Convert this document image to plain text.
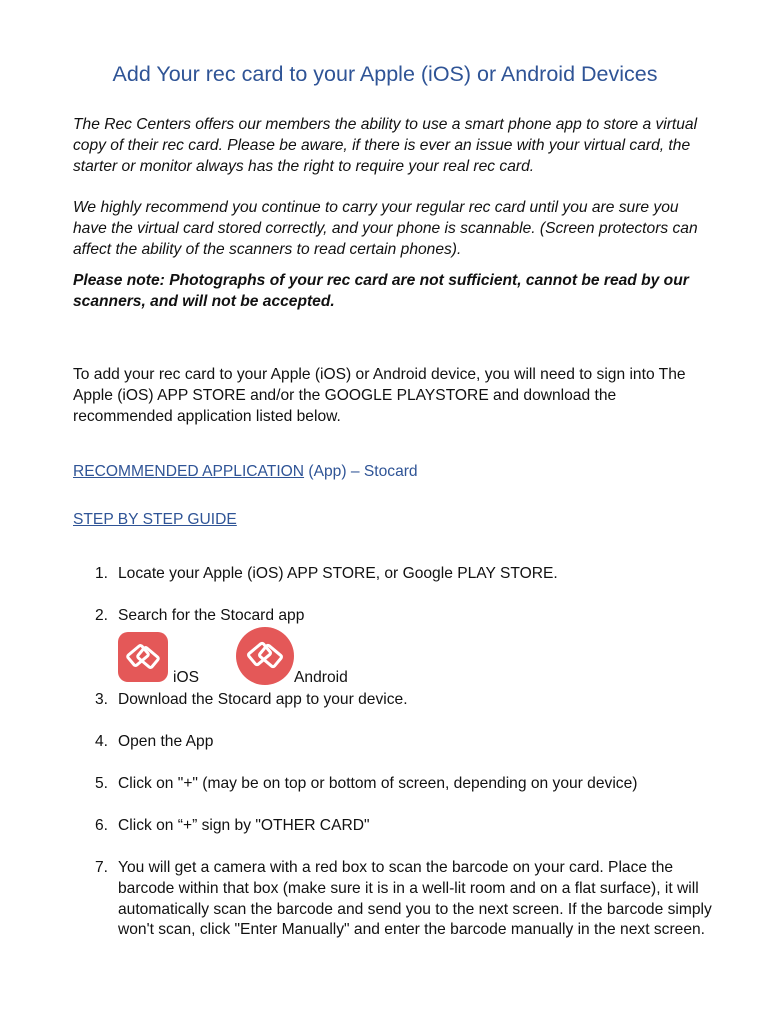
Add Your rec card to your Apple (iOS) or Android Devices

The Rec Centers offers our members the ability to use a smart phone app to store a virtual copy of their rec card. Please be aware, if there is ever an issue with your virtual card, the starter or monitor always has the right to require your real rec card.

We highly recommend you continue to carry your regular rec card until you are sure you have the virtual card stored correctly, and your phone is scannable. (Screen protectors can affect the ability of the scanners to read certain phones).

Please note: Photographs of your rec card are not sufficient, cannot be read by our scanners, and will not be accepted.

To add your rec card to your Apple (iOS) or Android device, you will need to sign into The Apple (iOS) APP STORE and/or the GOOGLE PLAYSTORE and download the recommended application listed below.

RECOMMENDED APPLICATION (App) – Stocard

STEP BY STEP GUIDE

1. Locate your Apple (iOS) APP STORE, or Google PLAY STORE.
2. Search for the Stocard app
iOS	Android
3. Download the Stocard app to your device.
4. Open the App
5. Click on "+" (may be on top or bottom of screen, depending on your device)
6. Click on “+” sign by "OTHER CARD"
7. You will get a camera with a red box to scan the barcode on your card. Place the barcode within that box (make sure it is in a well-lit room and on a flat surface), it will automatically scan the barcode and send you to the next screen. If the barcode simply won't scan, click "Enter Manually" and enter the barcode manually in the next screen.
